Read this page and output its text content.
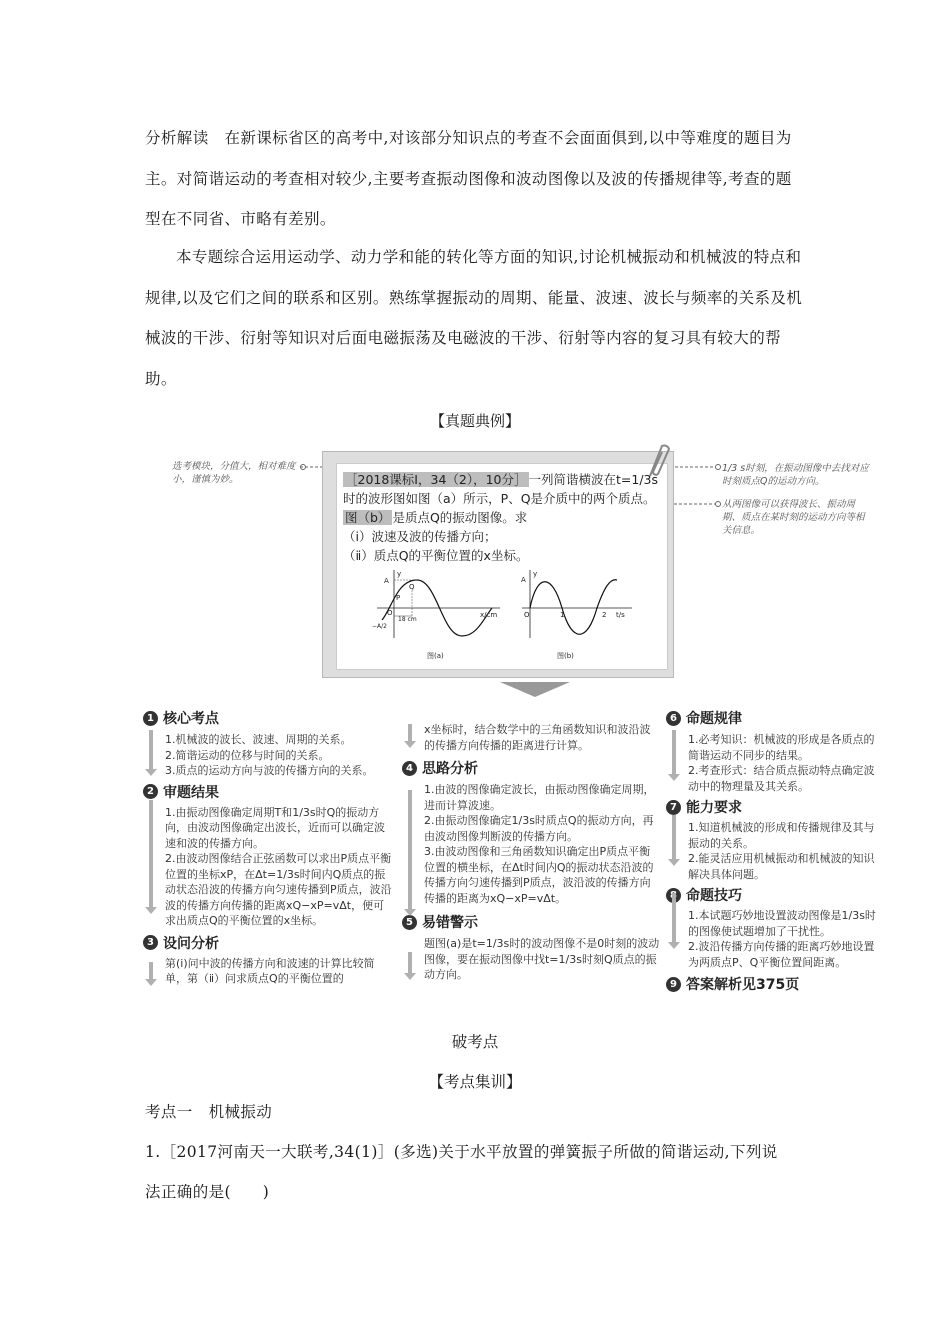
分析解读　在新课标省区的高考中,对该部分知识点的考查不会面面俱到,以中等难度的题目为主。对简谐运动的考查相对较少,主要考查振动图像和波动图像以及波的传播规律等,考查的题型在不同省、市略有差别。

本专题综合运用运动学、动力学和能的转化等方面的知识,讨论机械振动和机械波的特点和规律,以及它们之间的联系和区别。熟练掌握振动的周期、能量、波速、波长与频率的关系及机械波的干涉、衍射等知识对后面电磁振荡及电磁波的干涉、衍射等内容的复习具有较大的帮助。

【真题典例】

选考模块，分值大，相对难度小，谨慎为妙。
1/3 s时刻，在振动图像中去找对应时刻质点Q的运动方向。
从两图像可以获得波长、振动周期、质点在某时刻的运动方向等相关信息。
［2018课标Ⅰ，34（2），10分］ 一列简谐横波在t=1/3s
时的波形图如图（a）所示，P、Q是介质中的两个质点。
图（b） 是质点Q的振动图像。求
（ⅰ）波速及波的传播方向；
（ⅱ）质点Q的平衡位置的x坐标。
y
A
Q
P
O
18 cm
−A/2
x/cm
图(a)
y
A
O	1	2 t/s
图(b)

1 核心考点

1.机械波的波长、波速、周期的关系。

2.简谐运动的位移与时间的关系。

3.质点的运动方向与波的传播方向的关系。

2 审题结果

1.由振动图像确定周期T和1/3s时Q的振动方向，由波动图像确定出波长，近而可以确定波速和波的传播方向。

2.由波动图像结合正弦函数可以求出P质点平衡位置的坐标xP，在Δt=1/3s时间内Q质点的振动状态沿波的传播方向匀速传播到P质点，波沿波的传播方向传播的距离xQ−xP=vΔt，便可求出质点Q的平衡位置的x坐标。

3 设问分析

第(ⅰ)问中波的传播方向和波速的计算比较简单，第（ⅱ）问求质点Q的平衡位置的

x坐标时，结合数学中的三角函数知识和波沿波的传播方向传播的距离进行计算。

4 思路分析

1.由波的图像确定波长，由振动图像确定周期，进而计算波速。

2.由振动图像确定1/3s时质点Q的振动方向，再由波动图像判断波的传播方向。

3.由波动图像和三角函数知识确定出P质点平衡位置的横坐标，在Δt时间内Q的振动状态沿波的传播方向匀速传播到P质点，波沿波的传播方向传播的距离为xQ−xP=vΔt。

5 易错警示

题图(a)是t=1/3s时的波动图像不是0时刻的波动图像，要在振动图像中找t=1/3s时刻Q质点的振动方向。

6 命题规律

1.必考知识：机械波的形成是各质点的简谐运动不同步的结果。

2.考查形式：结合质点振动特点确定波动中的物理量及其关系。

7 能力要求

1.知道机械波的形成和传播规律及其与振动的关系。

2.能灵活应用机械振动和机械波的知识解决具体问题。

命题技巧

1.本试题巧妙地设置波动图像是1/3s时的图像使试题增加了干扰性。

2.波沿传播方向传播的距离巧妙地设置为两质点P、Q平衡位置间距离。

9 答案解析见375页

破考点

【考点集训】

考点一　机械振动

1.［2017河南天一大联考,34(1)］(多选)关于水平放置的弹簧振子所做的简谐运动,下列说

法正确的是(　　)
